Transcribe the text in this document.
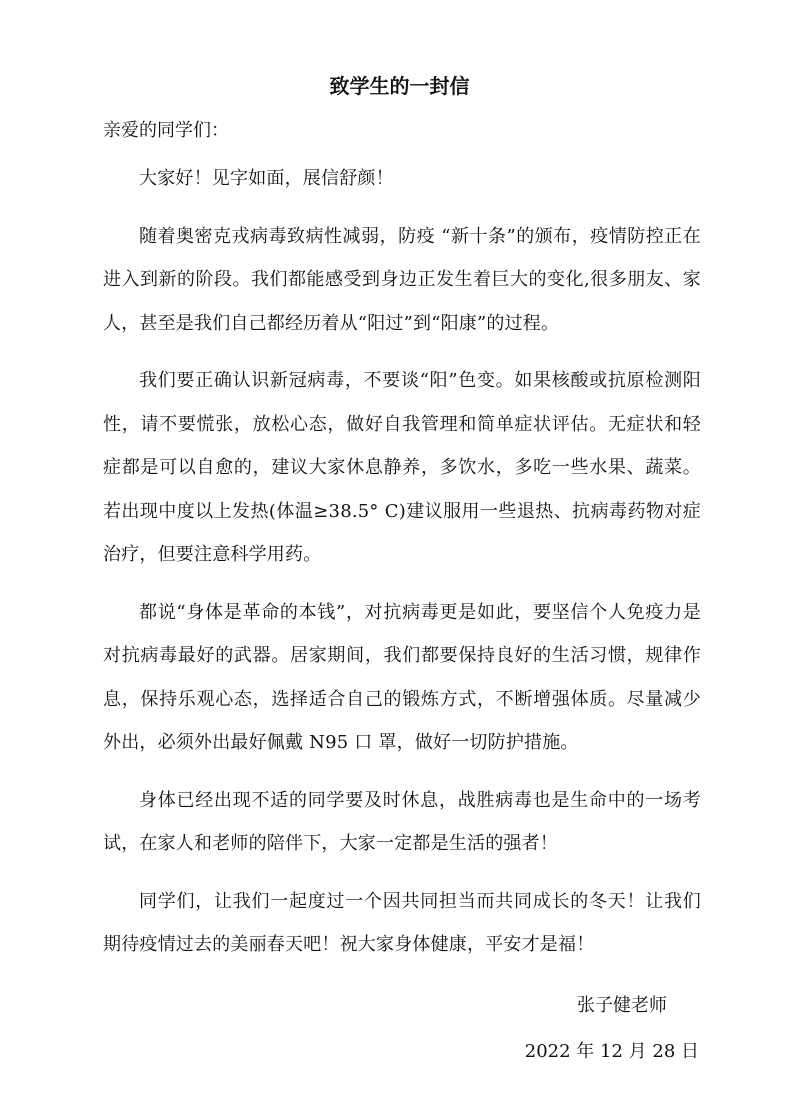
致学生的一封信
亲爱的同学们：

大家好！见字如面，展信舒颜！

随着奥密克戎病毒致病性减弱，防疫 “新十条”的颁布，疫情防控正在进入到新的阶段。我们都能感受到身边正发生着巨大的变化,很多朋友、家人，甚至是我们自己都经历着从“阳过”到“阳康”的过程。

我们要正确认识新冠病毒，不要谈“阳”色变。如果核酸或抗原检测阳性，请不要慌张，放松心态，做好自我管理和简单症状评估。无症状和轻症都是可以自愈的，建议大家休息静养，多饮水，多吃一些水果、蔬菜。若出现中度以上发热(体温≥38.5° C)建议服用一些退热、抗病毒药物对症治疗，但要注意科学用药。

都说“身体是革命的本钱”，对抗病毒更是如此，要坚信个人免疫力是对抗病毒最好的武器。居家期间，我们都要保持良好的生活习惯，规律作息，保持乐观心态，选择适合自己的锻炼方式，不断增强体质。尽量减少外出，必须外出最好佩戴 N95 口 罩，做好一切防护措施。

身体已经出现不适的同学要及时休息，战胜病毒也是生命中的一场考试，在家人和老师的陪伴下，大家一定都是生活的强者！

同学们，让我们一起度过一个因共同担当而共同成长的冬天！让我们期待疫情过去的美丽春天吧！祝大家身体健康，平安才是福！

张子健老师
2022 年 12 月 28 日
